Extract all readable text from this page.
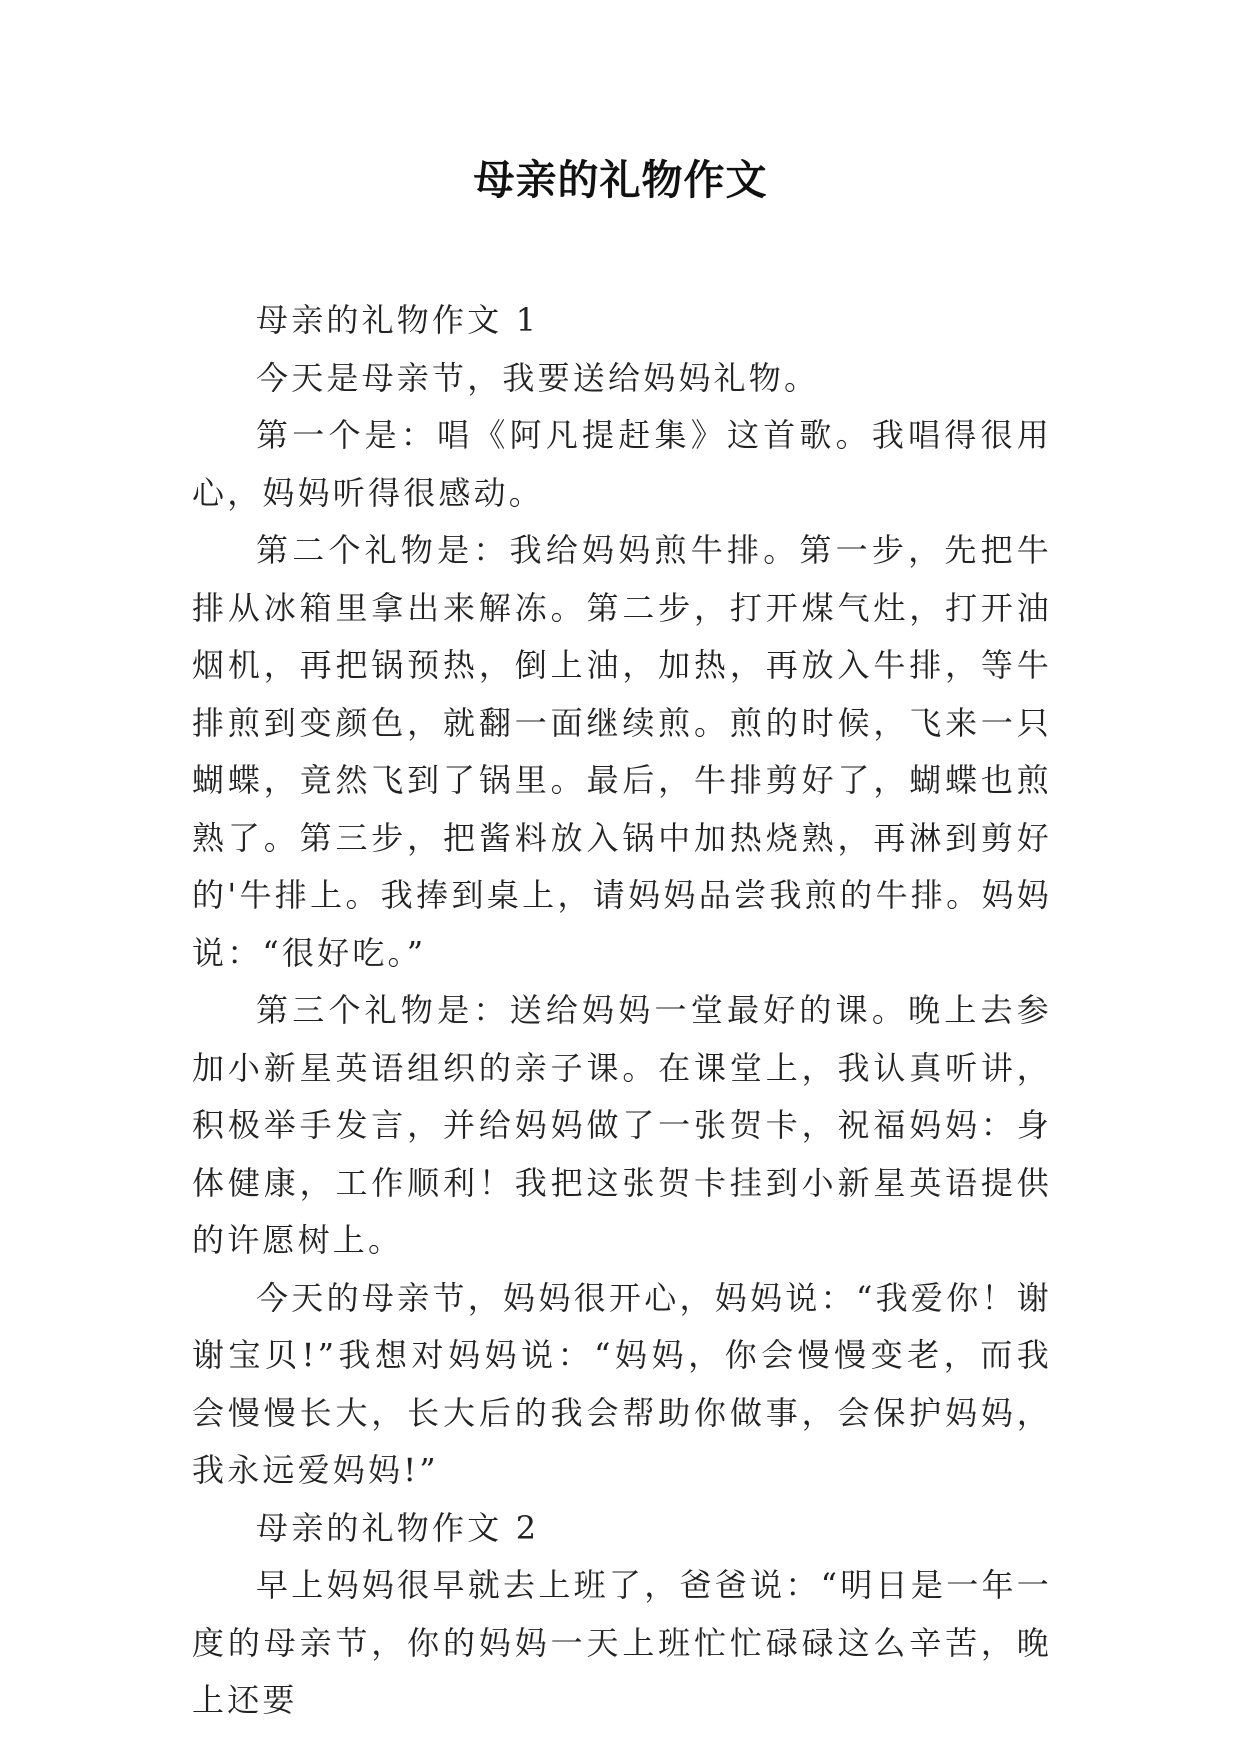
母亲的礼物作文

母亲的礼物作文 1

今天是母亲节，我要送给妈妈礼物。

第一个是：唱《阿凡提赶集》这首歌。我唱得很用心，妈妈听得很感动。

第二个礼物是：我给妈妈煎牛排。第一步，先把牛排从冰箱里拿出来解冻。第二步，打开煤气灶，打开油烟机，再把锅预热，倒上油，加热，再放入牛排，等牛排煎到变颜色，就翻一面继续煎。煎的时候，飞来一只蝴蝶，竟然飞到了锅里。最后，牛排剪好了，蝴蝶也煎熟了。第三步，把酱料放入锅中加热烧熟，再淋到剪好的'牛排上。我捧到桌上，请妈妈品尝我煎的牛排。妈妈说：“很好吃。”

第三个礼物是：送给妈妈一堂最好的课。晚上去参加小新星英语组织的亲子课。在课堂上，我认真听讲，积极举手发言，并给妈妈做了一张贺卡，祝福妈妈：身体健康，工作顺利！我把这张贺卡挂到小新星英语提供的许愿树上。

今天的母亲节，妈妈很开心，妈妈说：“我爱你！谢谢宝贝!”我想对妈妈说：“妈妈，你会慢慢变老，而我会慢慢长大，长大后的我会帮助你做事，会保护妈妈，我永远爱妈妈!”

母亲的礼物作文 2

早上妈妈很早就去上班了，爸爸说：“明日是一年一度的母亲节，你的妈妈一天上班忙忙碌碌这么辛苦，晚上还要
